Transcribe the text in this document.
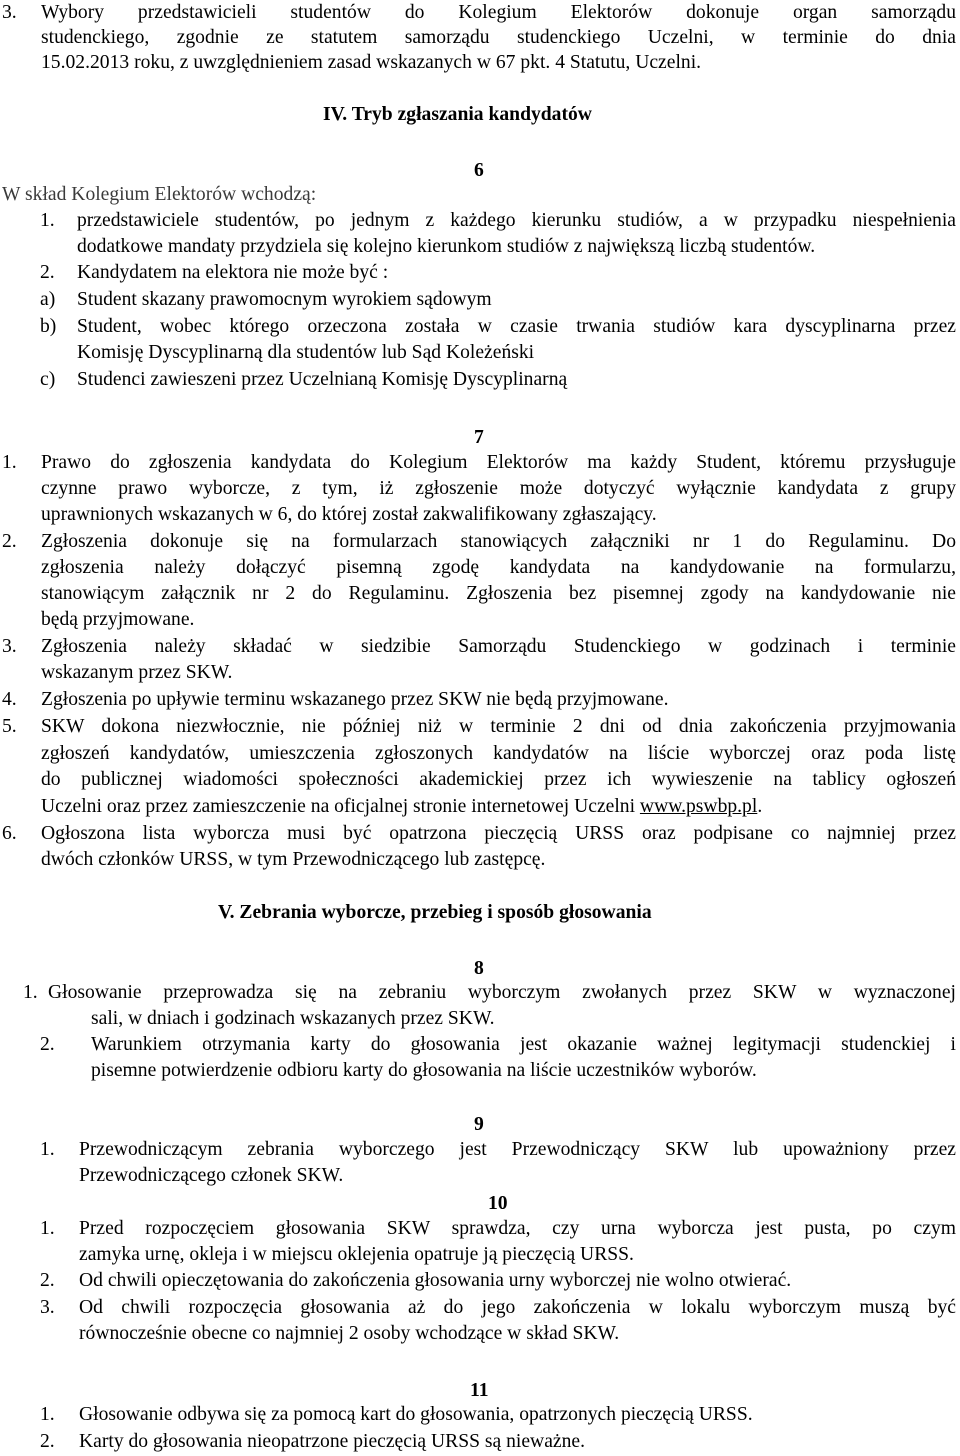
3. Wybory przedstawicieli studentów do Kolegium Elektorów dokonuje organ samorządu
studenckiego, zgodnie ze statutem samorządu studenckiego Uczelni, w terminie do dnia
15.02.2013 roku, z uwzględnieniem zasad wskazanych w 67 pkt. 4 Statutu, Uczelni.
IV. Tryb zgłaszania kandydatów
6
W skład Kolegium Elektorów wchodzą:
1. przedstawiciele studentów, po jednym z każdego kierunku studiów, a w przypadku niespełnienia
dodatkowe mandaty przydziela się kolejno kierunkom studiów z największą liczbą studentów.
2. Kandydatem na elektora nie może być :
a) Student skazany prawomocnym wyrokiem sądowym
b) Student, wobec którego orzeczona została w czasie trwania studiów kara dyscyplinarna przez
Komisję Dyscyplinarną dla studentów lub Sąd Koleżeński
c) Studenci zawieszeni przez Uczelnianą Komisję Dyscyplinarną
7
1. Prawo do zgłoszenia kandydata do Kolegium Elektorów ma każdy Student, któremu przysługuje
czynne prawo wyborcze, z tym, iż zgłoszenie może dotyczyć wyłącznie kandydata z grupy
uprawnionych wskazanych w 6, do której został zakwalifikowany zgłaszający.
2. Zgłoszenia dokonuje się na formularzach stanowiących załączniki nr 1 do Regulaminu. Do
zgłoszenia należy dołączyć pisemną zgodę kandydata na kandydowanie na formularzu,
stanowiącym załącznik nr 2 do Regulaminu. Zgłoszenia bez pisemnej zgody na kandydowanie nie
będą przyjmowane.
3. Zgłoszenia należy składać w siedzibie Samorządu Studenckiego w godzinach i terminie
wskazanym przez SKW.
4. Zgłoszenia po upływie terminu wskazanego przez SKW nie będą przyjmowane.
5. SKW dokona niezwłocznie, nie później niż w terminie 2 dni od dnia zakończenia przyjmowania
zgłoszeń kandydatów, umieszczenia zgłoszonych kandydatów na liście wyborczej oraz poda listę
do publicznej wiadomości społeczności akademickiej przez ich wywieszenie na tablicy ogłoszeń
Uczelni oraz przez zamieszczenie na oficjalnej stronie internetowej Uczelni www.pswbp.pl.
6. Ogłoszona lista wyborcza musi być opatrzona pieczęcią URSS oraz podpisane co najmniej przez
dwóch członków URSS, w tym Przewodniczącego lub zastępcę.
V. Zebrania wyborcze, przebieg i sposób głosowania
8
1. Głosowanie przeprowadza się na zebraniu wyborczym zwołanych przez SKW w wyznaczonej
sali, w dniach i godzinach wskazanych przez SKW.
2. Warunkiem otrzymania karty do głosowania jest okazanie ważnej legitymacji studenckiej i
pisemne potwierdzenie odbioru karty do głosowania na liście uczestników wyborów.
9
1. Przewodniczącym zebrania wyborczego jest Przewodniczący SKW lub upoważniony przez
Przewodniczącego członek SKW.
10
1. Przed rozpoczęciem głosowania SKW sprawdza, czy urna wyborcza jest pusta, po czym
zamyka urnę, okleja i w miejscu oklejenia opatruje ją pieczęcią URSS.
2. Od chwili opieczętowania do zakończenia głosowania urny wyborczej nie wolno otwierać.
3. Od chwili rozpoczęcia głosowania aż do jego zakończenia w lokalu wyborczym muszą być
równocześnie obecne co najmniej 2 osoby wchodzące w skład SKW.
11
1. Głosowanie odbywa się za pomocą kart do głosowania, opatrzonych pieczęcią URSS.
2. Karty do głosowania nieopatrzone pieczęcią URSS są nieważne.
